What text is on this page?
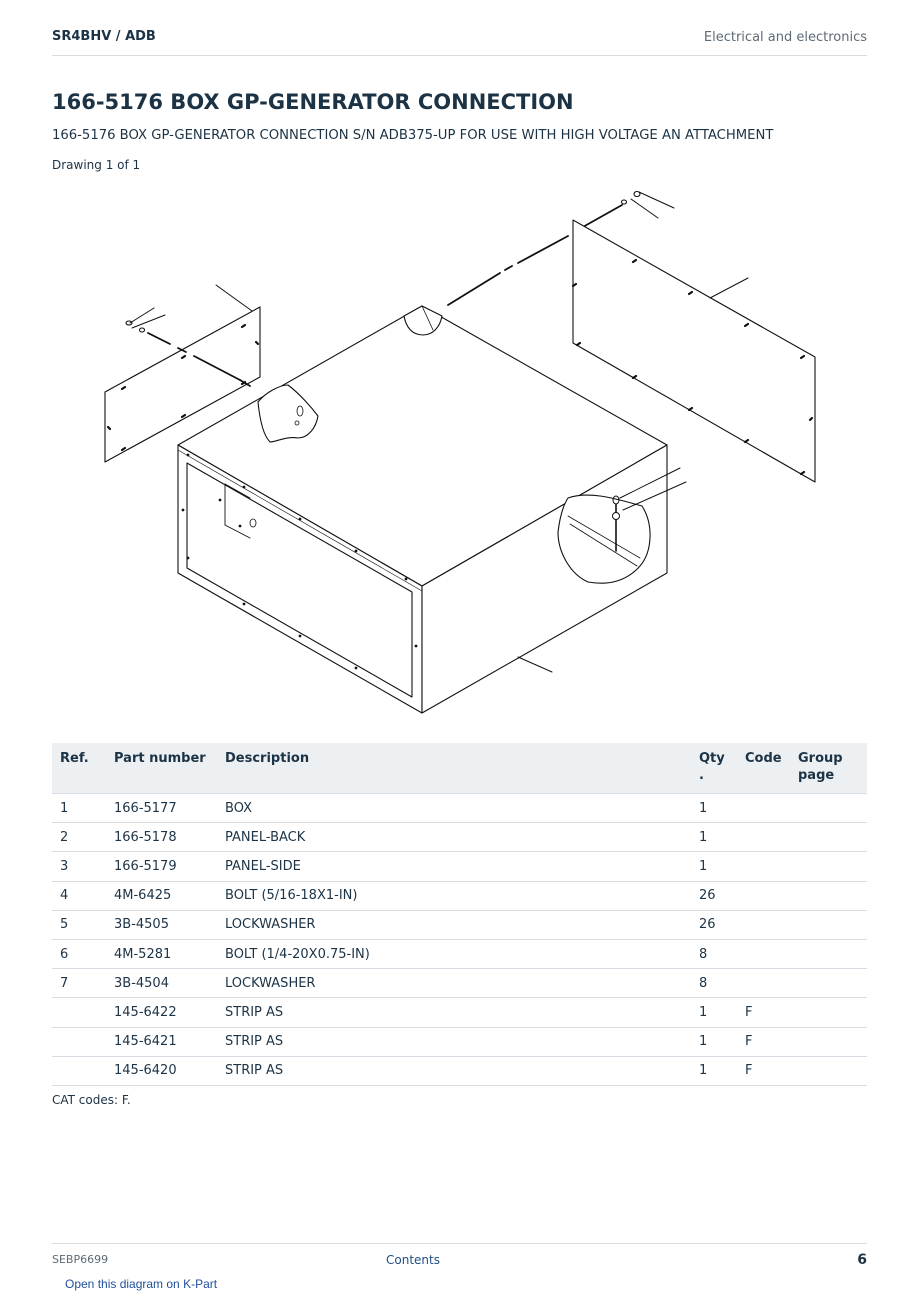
SR4BHV / ADB	Electrical and electronics
166-5176 BOX GP-GENERATOR CONNECTION
166-5176 BOX GP-GENERATOR CONNECTION S/N ADB375-UP FOR USE WITH HIGH VOLTAGE AN ATTACHMENT
Drawing 1 of 1
Ref.	Part number	Description	Qty .	Code	Group page
1	166-5177	BOX	1		
2	166-5178	PANEL-BACK	1		
3	166-5179	PANEL-SIDE	1		
4	4M-6425	BOLT (5/16-18X1-IN)	26		
5	3B-4505	LOCKWASHER	26		
6	4M-5281	BOLT (1/4-20X0.75-IN)	8		
7	3B-4504	LOCKWASHER	8		
	145-6422	STRIP AS	1	F	
	145-6421	STRIP AS	1	F	
	145-6420	STRIP AS	1	F	
CAT codes: F.
SEBP6699	Contents	6
Open this diagram on K-Part
